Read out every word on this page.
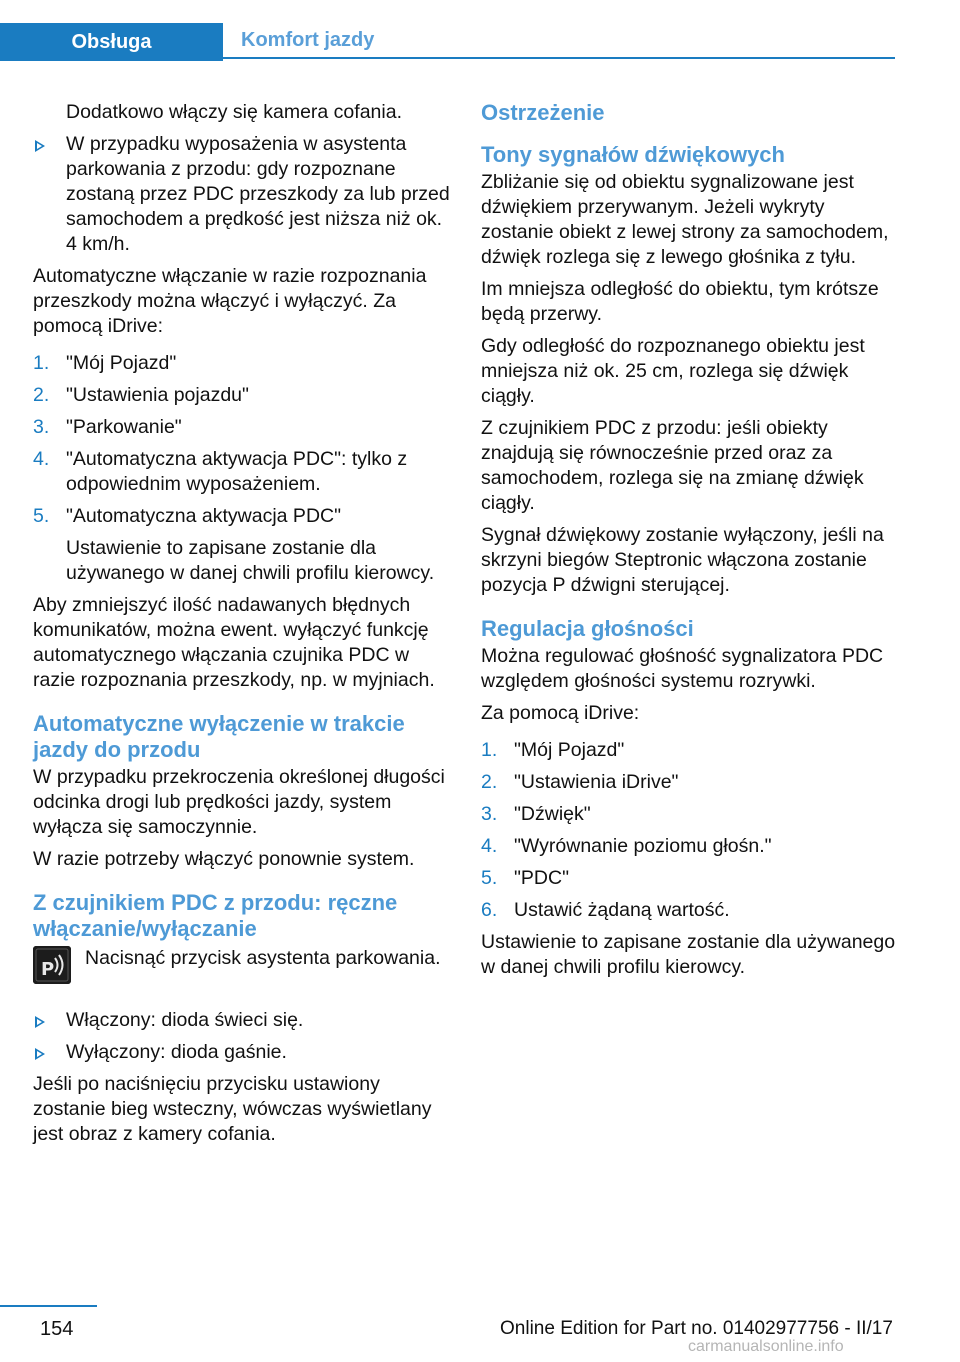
Obsługa	Komfort jazdy

Dodatkowo włączy się kamera cofania.

W przypadku wyposażenia w asystenta parkowania z przodu: gdy rozpoznane zostaną przez PDC przeszkody za lub przed samochodem a prędkość jest niższa niż ok. 4 km/h.

Automatyczne włączanie w razie rozpoznania przeszkody można włączyć i wyłączyć. Za pomocą iDrive:

1. "Mój Pojazd"
2. "Ustawienia pojazdu"
3. "Parkowanie"
4. "Automatyczna aktywacja PDC": tylko z odpowiednim wyposażeniem.
5. "Automatyczna aktywacja PDC"

Ustawienie to zapisane zostanie dla używanego w danej chwili profilu kierowcy.

Aby zmniejszyć ilość nadawanych błędnych komunikatów, można ewent. wyłączyć funkcję automatycznego włączania czujnika PDC w razie rozpoznania przeszkody, np. w myjniach.

Automatyczne wyłączenie w trakcie jazdy do przodu

W przypadku przekroczenia określonej długości odcinka drogi lub prędkości jazdy, system wyłącza się samoczynnie.

W razie potrzeby włączyć ponownie system.

Z czujnikiem PDC z przodu: ręczne włączanie/wyłączanie
P
Nacisnąć przycisk asystenta parkowania.
Włączony: dioda świeci się.
Wyłączony: dioda gaśnie.

Jeśli po naciśnięciu przycisku ustawiony zostanie bieg wsteczny, wówczas wyświetlany jest obraz z kamery cofania.

Ostrzeżenie
Tony sygnałów dźwiękowych

Zbliżanie się od obiektu sygnalizowane jest dźwiękiem przerywanym. Jeżeli wykryty zostanie obiekt z lewej strony za samochodem, dźwięk rozlega się z lewego głośnika z tyłu.

Im mniejsza odległość do obiektu, tym krótsze będą przerwy.

Gdy odległość do rozpoznanego obiektu jest mniejsza niż ok. 25 cm, rozlega się dźwięk ciągły.

Z czujnikiem PDC z przodu: jeśli obiekty znajdują się równocześnie przed oraz za samochodem, rozlega się na zmianę dźwięk ciągły.

Sygnał dźwiękowy zostanie wyłączony, jeśli na skrzyni biegów Steptronic włączona zostanie pozycja P dźwigni sterującej.

Regulacja głośności

Można regulować głośność sygnalizatora PDC względem głośności systemu rozrywki.

Za pomocą iDrive:

1. "Mój Pojazd"
2. "Ustawienia iDrive"
3. "Dźwięk"
4. "Wyrównanie poziomu głośn."
5. "PDC"
6. Ustawić żądaną wartość.

Ustawienie to zapisane zostanie dla używanego w danej chwili profilu kierowcy.

154	Online Edition for Part no. 01402977756 - II/17
carmanualsonline.info
